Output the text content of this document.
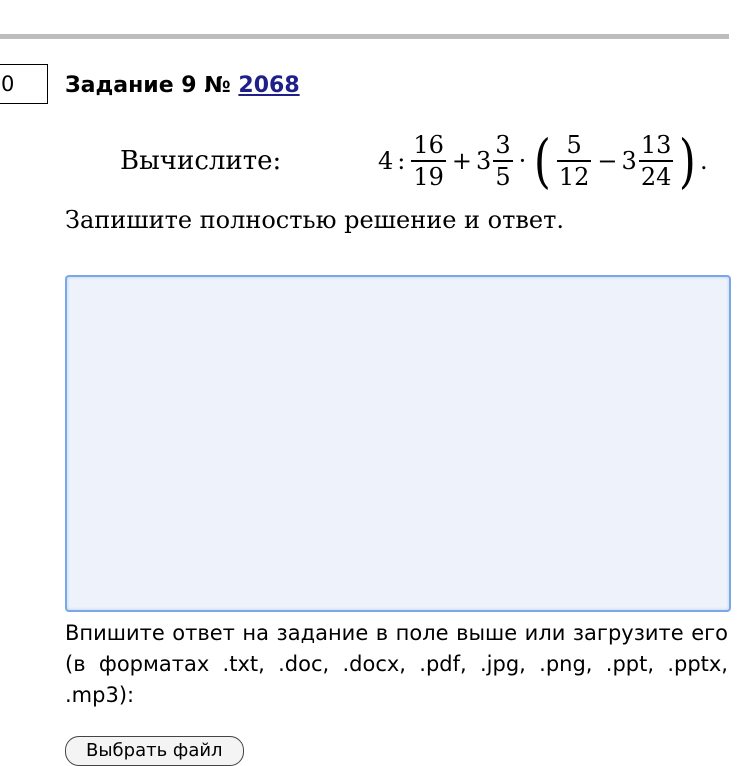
0	Задание 9 № 2068
Вычислите:	4 : $\frac{16}{19} + 3 \frac{3}{5}$ · ( $\frac{5}{12} - 3 \frac{13}{24}$ ) .
Запишите полностью решение и ответ.
Впишите ответ на задание в поле выше или загрузите его (в форматах .txt, .doc, .docx, .pdf, .jpg, .png, .ppt, .pptx, .mp3):
Выбрать файл
